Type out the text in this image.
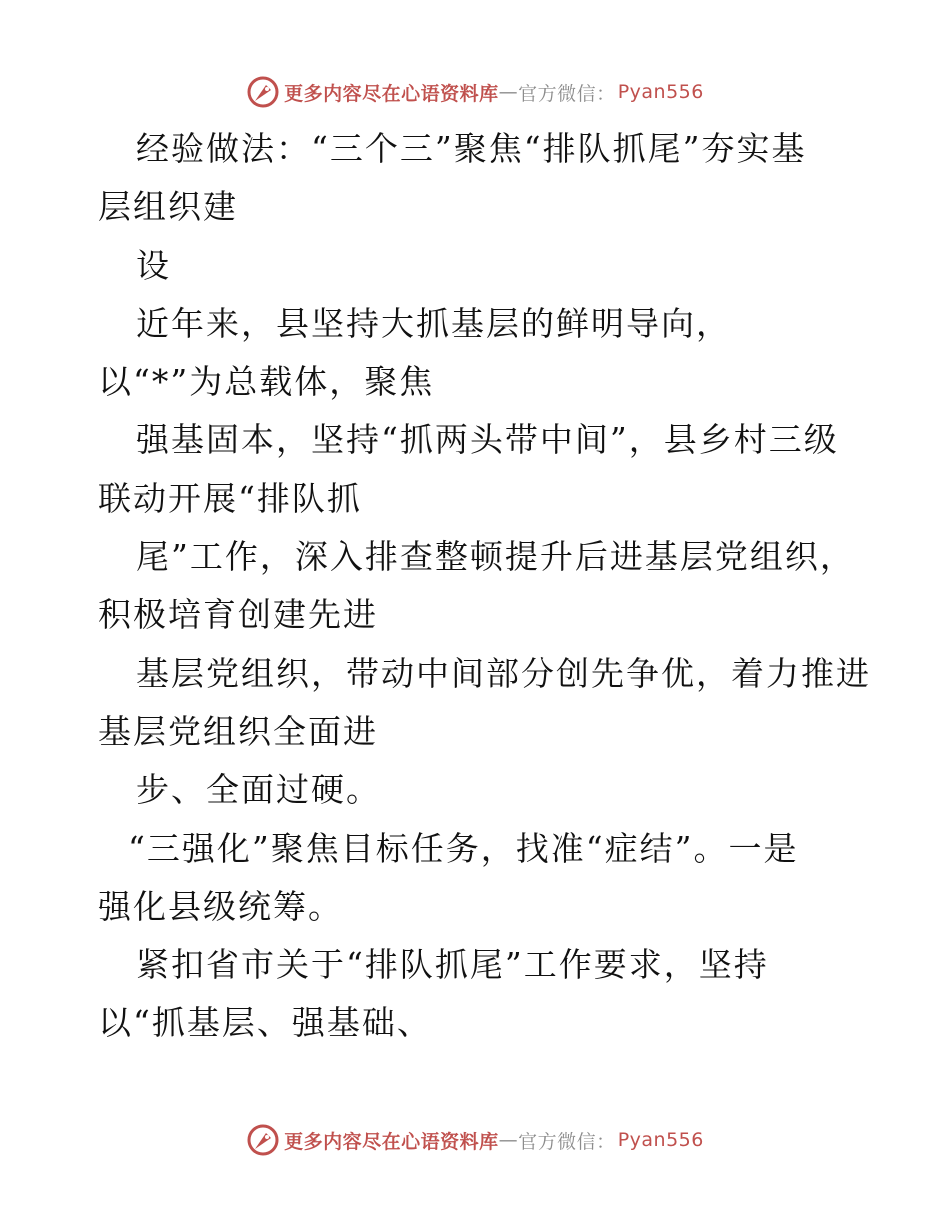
更多内容尽在心语资料库 — 官方微信： Pyan556
经验做法：“三个三”聚焦“排队抓尾”夯实基
层组织建
设
近年来，县坚持大抓基层的鲜明导向，
以“*”为总载体，聚焦
强基固本，坚持“抓两头带中间”，县乡村三级
联动开展“排队抓
尾”工作，深入排查整顿提升后进基层党组织，
积极培育创建先进
基层党组织，带动中间部分创先争优，着力推进
基层党组织全面进
步、全面过硬。
“三强化”聚焦目标任务，找准“症结”。一是
强化县级统筹。
紧扣省市关于“排队抓尾”工作要求，坚持
以“抓基层、强基础、
更多内容尽在心语资料库 — 官方微信： Pyan556
